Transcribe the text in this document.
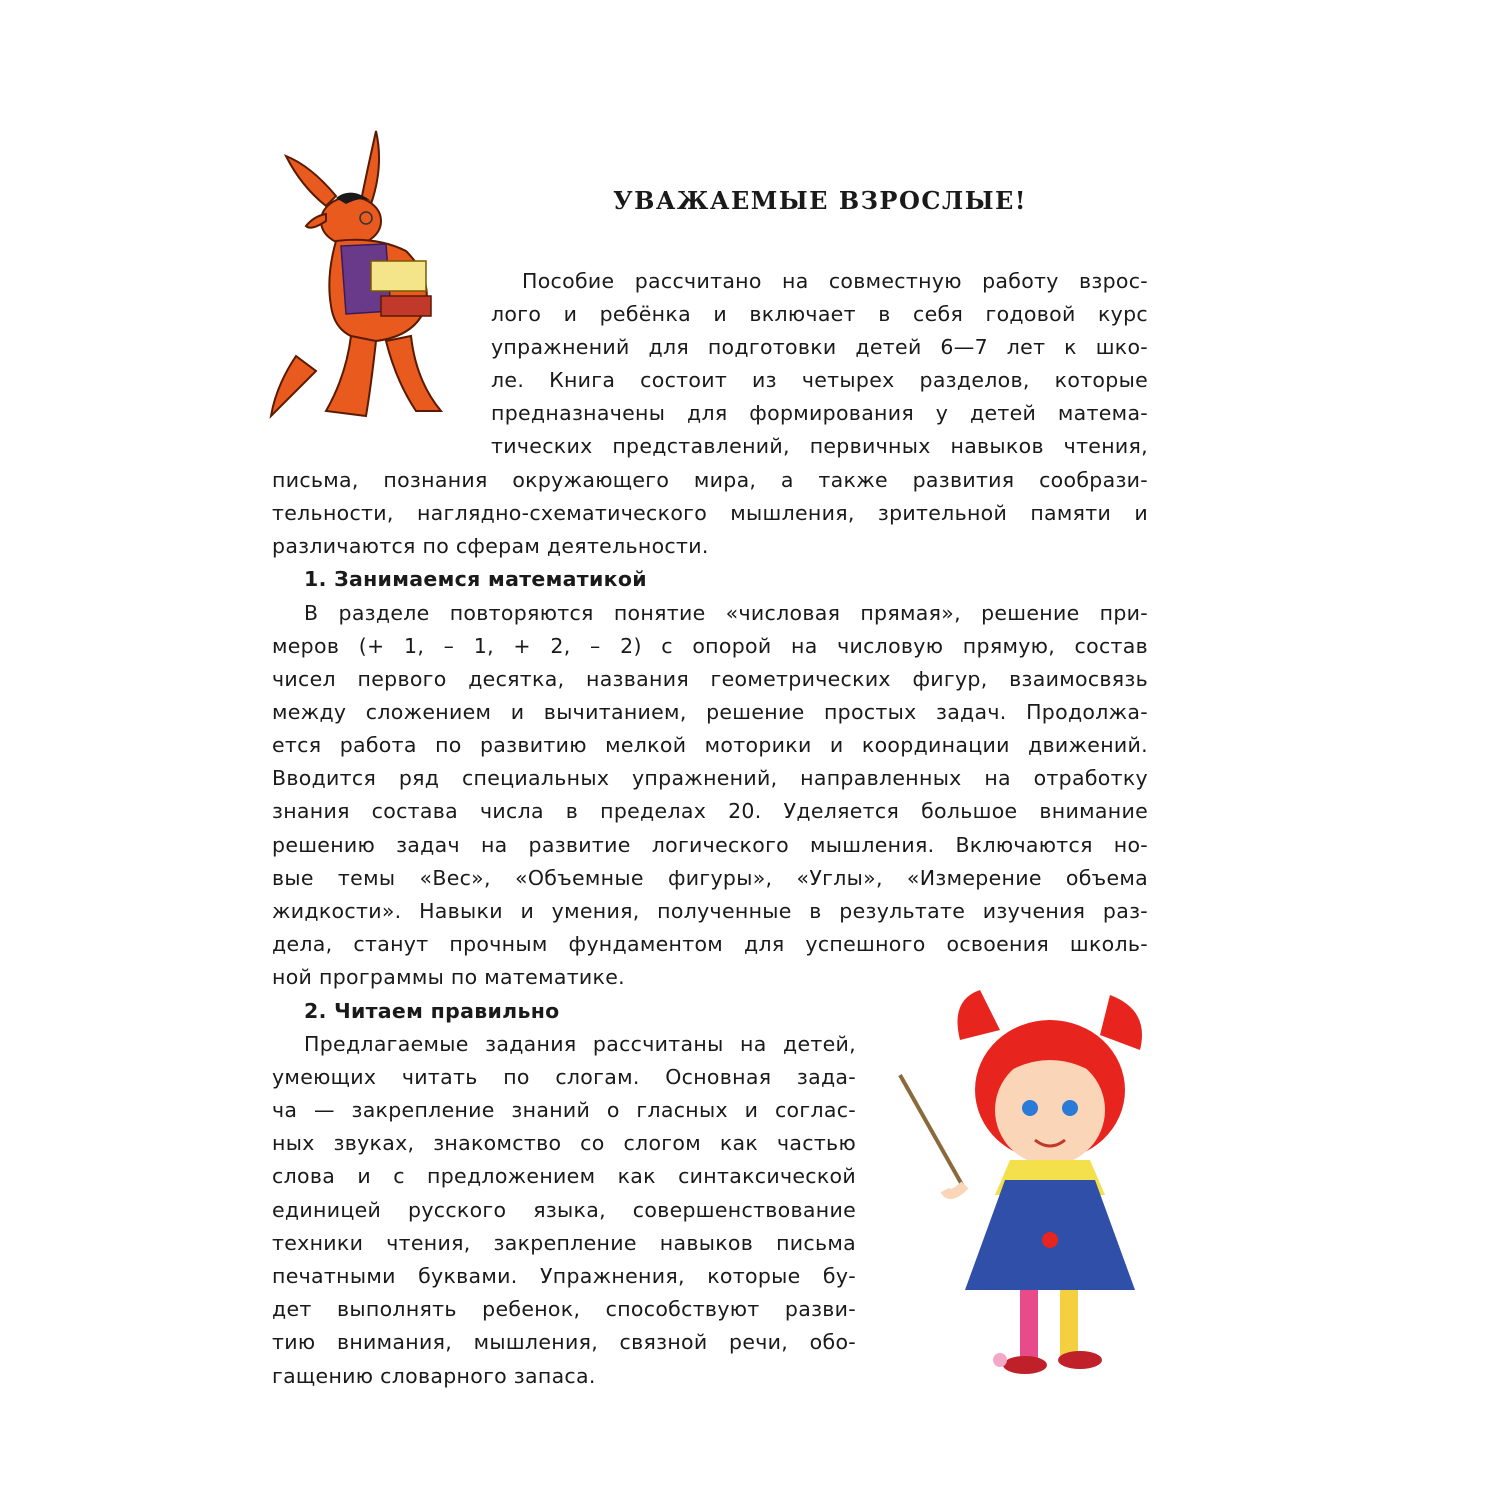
УВАЖАЕМЫЕ ВЗРОСЛЫЕ!
Пособие рассчитано на совместную работу взрос-
лого и ребёнка и включает в себя годовой курс
упражнений для подготовки детей 6—7 лет к шко-
ле. Книга состоит из четырех разделов, которые
предназначены для формирования у детей матема-
тических представлений, первичных навыков чтения,
письма, познания окружающего мира, а также развития сообрази-
тельности, наглядно-схематического мышления, зрительной памяти и
различаются по сферам деятельности.
1. Занимаемся математикой
В разделе повторяются понятие «числовая прямая», решение при-
меров (+ 1, – 1, + 2, – 2) с опорой на числовую прямую, состав
чисел первого десятка, названия геометрических фигур, взаимосвязь
между сложением и вычитанием, решение простых задач. Продолжа-
ется работа по развитию мелкой моторики и координации движений.
Вводится ряд специальных упражнений, направленных на отработку
знания состава числа в пределах 20. Уделяется большое внимание
решению задач на развитие логического мышления. Включаются но-
вые темы «Вес», «Объемные фигуры», «Углы», «Измерение объема
жидкости». Навыки и умения, полученные в результате изучения раз-
дела, станут прочным фундаментом для успешного освоения школь-
ной программы по математике.
2. Читаем правильно
Предлагаемые задания рассчитаны на детей,
умеющих читать по слогам. Основная зада-
ча — закрепление знаний о гласных и соглас-
ных звуках, знакомство со слогом как частью
слова и с предложением как синтаксической
единицей русского языка, совершенствование
техники чтения, закрепление навыков письма
печатными буквами. Упражнения, которые бу-
дет выполнять ребенок, способствуют разви-
тию внимания, мышления, связной речи, обо-
гащению словарного запаса.
